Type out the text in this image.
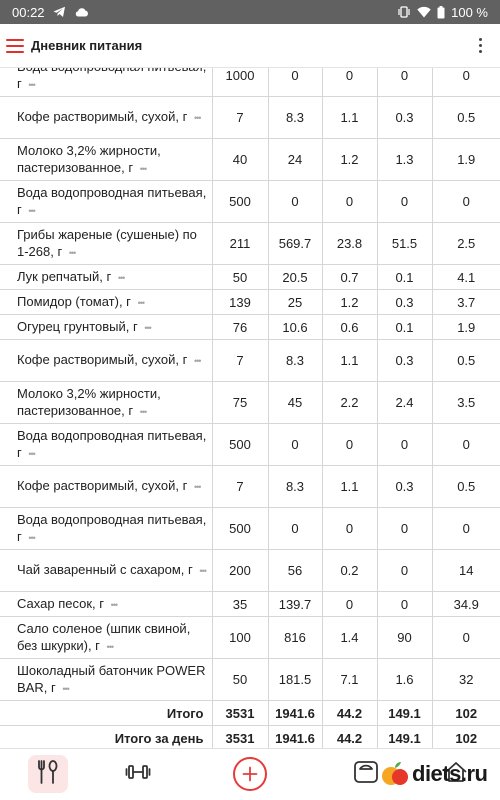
00:22	100 %
Дневник питания
г •••	1000	0	0	0	0
Кофе растворимый, сухой, г •••	7	8.3	1.1	0.3	0.5
Молоко 3,2% жирности, пастеризованное, г •••	40	24	1.2	1.3	1.9
Вода водопроводная питьевая, г •••	500	0	0	0	0
Грибы жареные (сушеные) по 1-268, г •••	211	569.7	23.8	51.5	2.5
Лук репчатый, г •••	50	20.5	0.7	0.1	4.1
Помидор (томат), г •••	139	25	1.2	0.3	3.7
Огурец грунтовый, г •••	76	10.6	0.6	0.1	1.9
Кофе растворимый, сухой, г •••	7	8.3	1.1	0.3	0.5
Молоко 3,2% жирности, пастеризованное, г •••	75	45	2.2	2.4	3.5
Вода водопроводная питьевая, г •••	500	0	0	0	0
Кофе растворимый, сухой, г •••	7	8.3	1.1	0.3	0.5
Вода водопроводная питьевая, г •••	500	0	0	0	0
Чай заваренный с сахаром, г •••	200	56	0.2	0	14
Сахар песок, г •••	35	139.7	0	0	34.9
Сало соленое (шпик свиной, без шкурки), г •••	100	816	1.4	90	0
Шоколадный батончик POWER BAR, г •••	50	181.5	7.1	1.6	32
Итого	3531	1941.6	44.2	149.1	102
Итого за день	3531	1941.6	44.2	149.1	102
diets.ru
